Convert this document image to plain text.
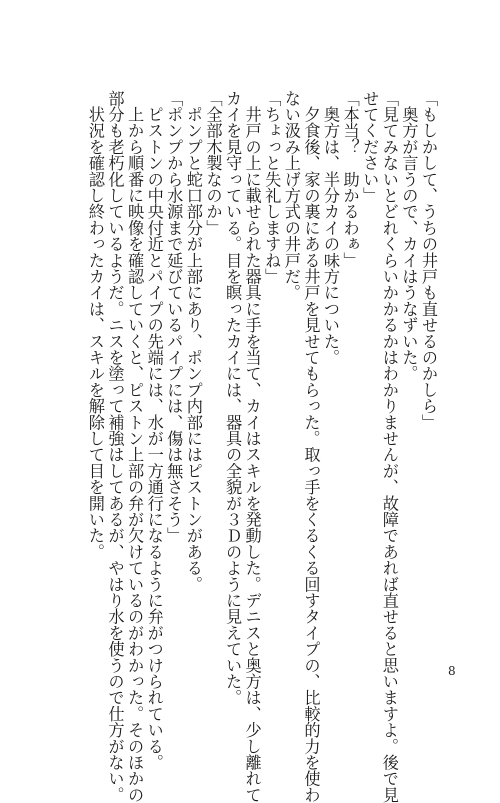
「もしかして、うちの井戸も直せるのかしら」
　奥方が言うので、カイはうなずいた。
「見てみないとどれくらいかかるかはわかりませんが、故障であれば直せると思いますよ。後で見
せてください」
「本当？　助かるわぁ」
　奥方は、半分カイの味方についた。
　夕食後、家の裏にある井戸を見せてもらった。取っ手をくるくる回すタイプの、比較的力を使わ
ない汲み上げ方式の井戸だ。
「ちょっと失礼しますね」
　井戸の上に載せられた器具に手を当て、カイはスキルを発動した。デニスと奥方は、少し離れて
カイを見守っている。目を瞑ったカイには、器具の全貌が３Ｄのように見えていた。
「全部木製なのか」
　ポンプと蛇口部分が上部にあり、ポンプ内部にはピストンがある。
「ポンプから水源まで延びているパイプには、傷は無さそう」
　ピストンの中央付近とパイプの先端には、水が一方通行になるように弁がつけられている。
　上から順番に映像を確認していくと、ピストン上部の弁が欠けているのがわかった。そのほかの
部分も老朽化しているようだ。ニスを塗って補強はしてあるが、やはり水を使うので仕方がない。
　状況を確認し終わったカイは、スキルを解除して目を開いた。
8
